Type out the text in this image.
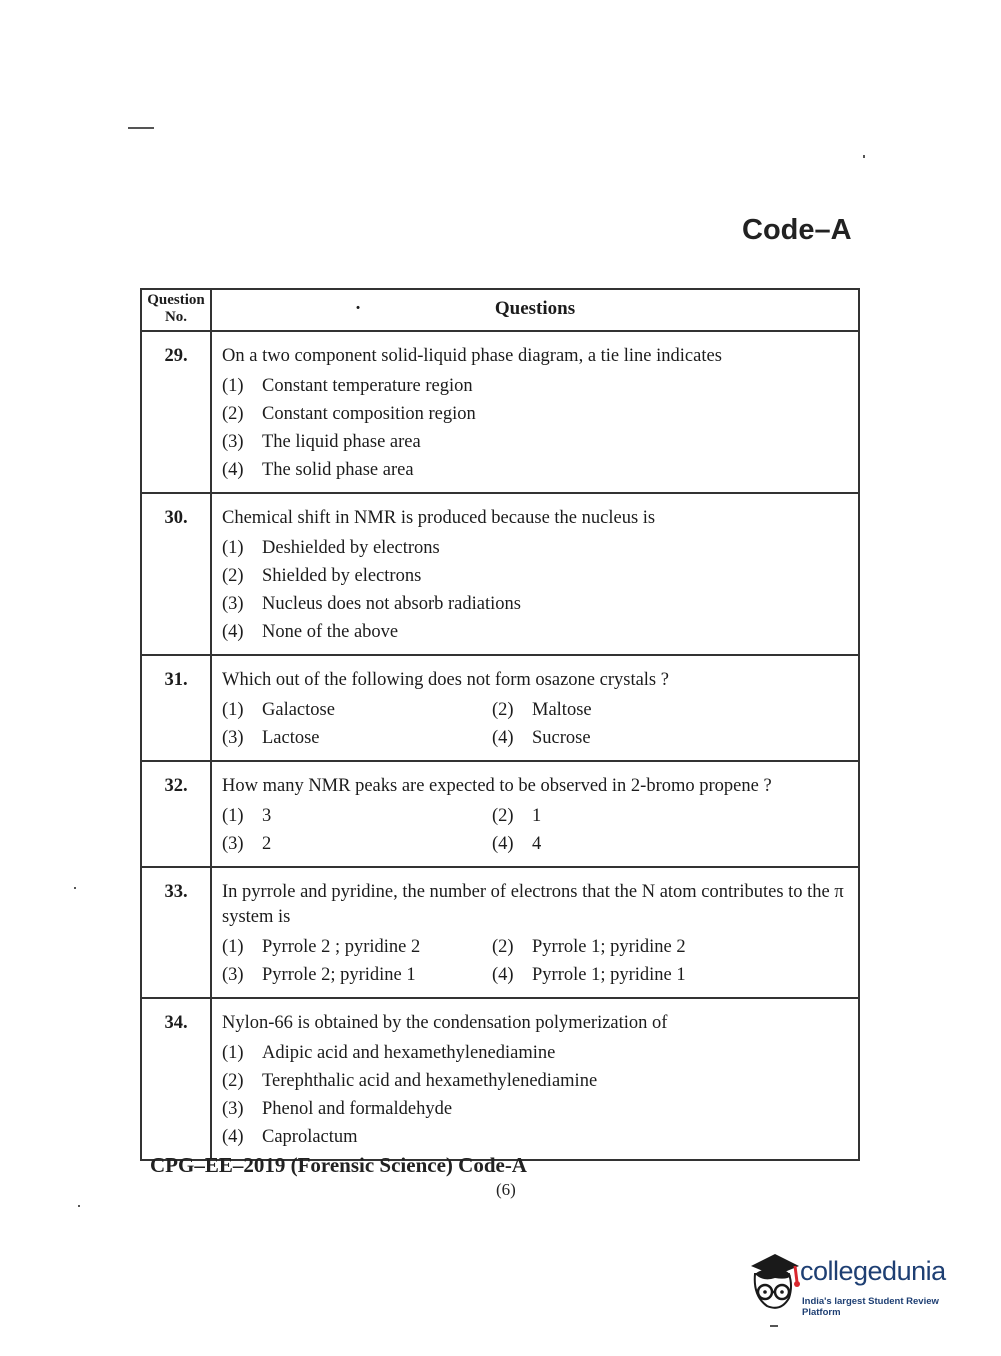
Code–A
Question No.	· Questions
29.	On a two component solid-liquid phase diagram, a tie line indicates
(1) Constant temperature region
(2) Constant composition region
(3) The liquid phase area
(4) The solid phase area

30.	Chemical shift in NMR is produced because the nucleus is
(1) Deshielded by electrons
(2) Shielded by electrons
(3) Nucleus does not absorb radiations
(4) None of the above

31.	Which out of the following does not form osazone crystals ?
(1) Galactose (2) Maltose
(3) Lactose (4) Sucrose

32.	How many NMR peaks are expected to be observed in 2-bromo propene ?
(1) 3 (2) 1
(3) 2 (4) 4

33.	In pyrrole and pyridine, the number of electrons that the N atom contributes to the π system is
(1) Pyrrole 2 ; pyridine 2 (2) Pyrrole 1; pyridine 2
(3) Pyrrole 2; pyridine 1 (4) Pyrrole 1; pyridine 1

34.	Nylon-66 is obtained by the condensation polymerization of
(1) Adipic acid and hexamethylenediamine
(2) Terephthalic acid and hexamethylenediamine
(3) Phenol and formaldehyde
(4) Caprolactum
CPG–EE–2019 (Forensic Science) Code-A
(6)
collegedunia
India's largest Student Review Platform
